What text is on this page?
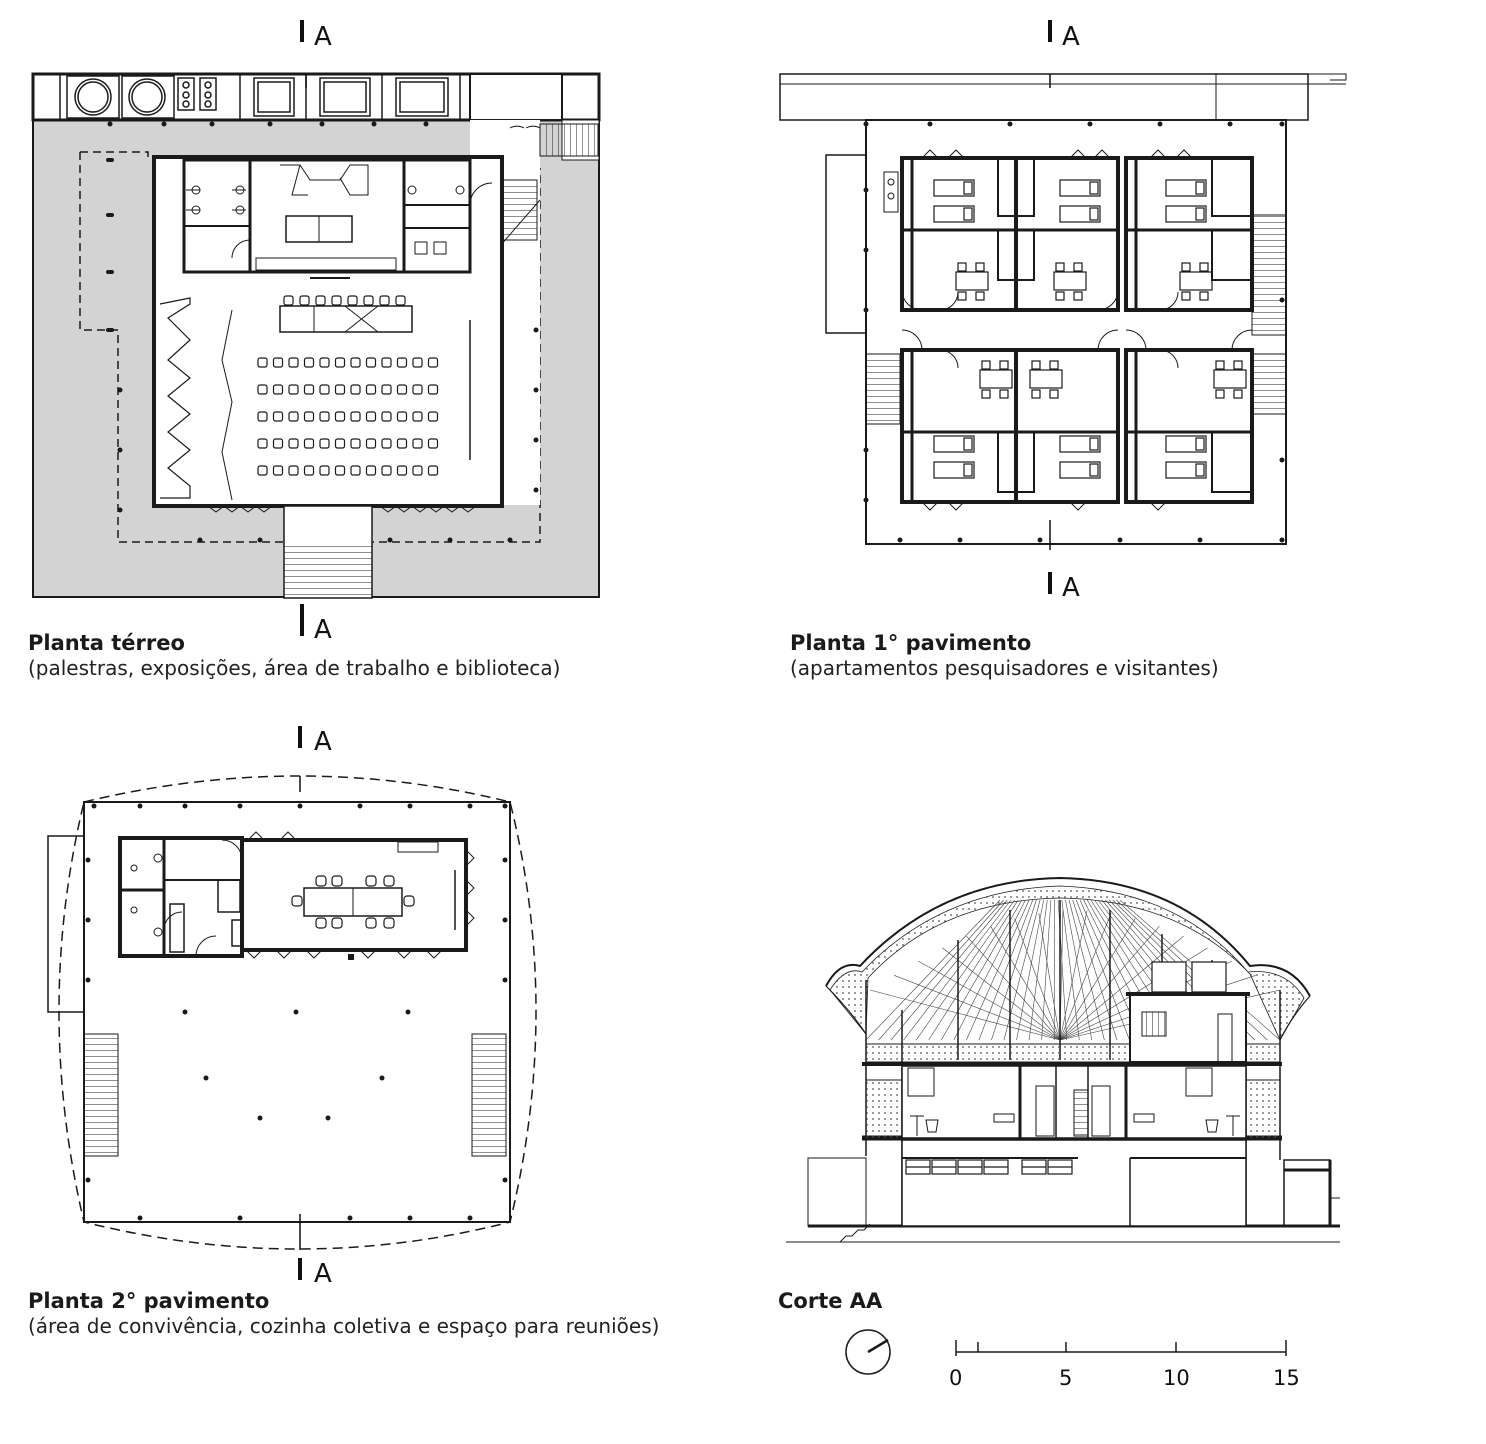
A
A
A
A
A
A
0	5	10	15
Planta térreo
(palestras, exposições, área de trabalho e biblioteca)
Planta 1° pavimento
(apartamentos pesquisadores e visitantes)
Planta 2° pavimento
(área de convivência, cozinha coletiva e espaço para reuniões)
Corte AA
